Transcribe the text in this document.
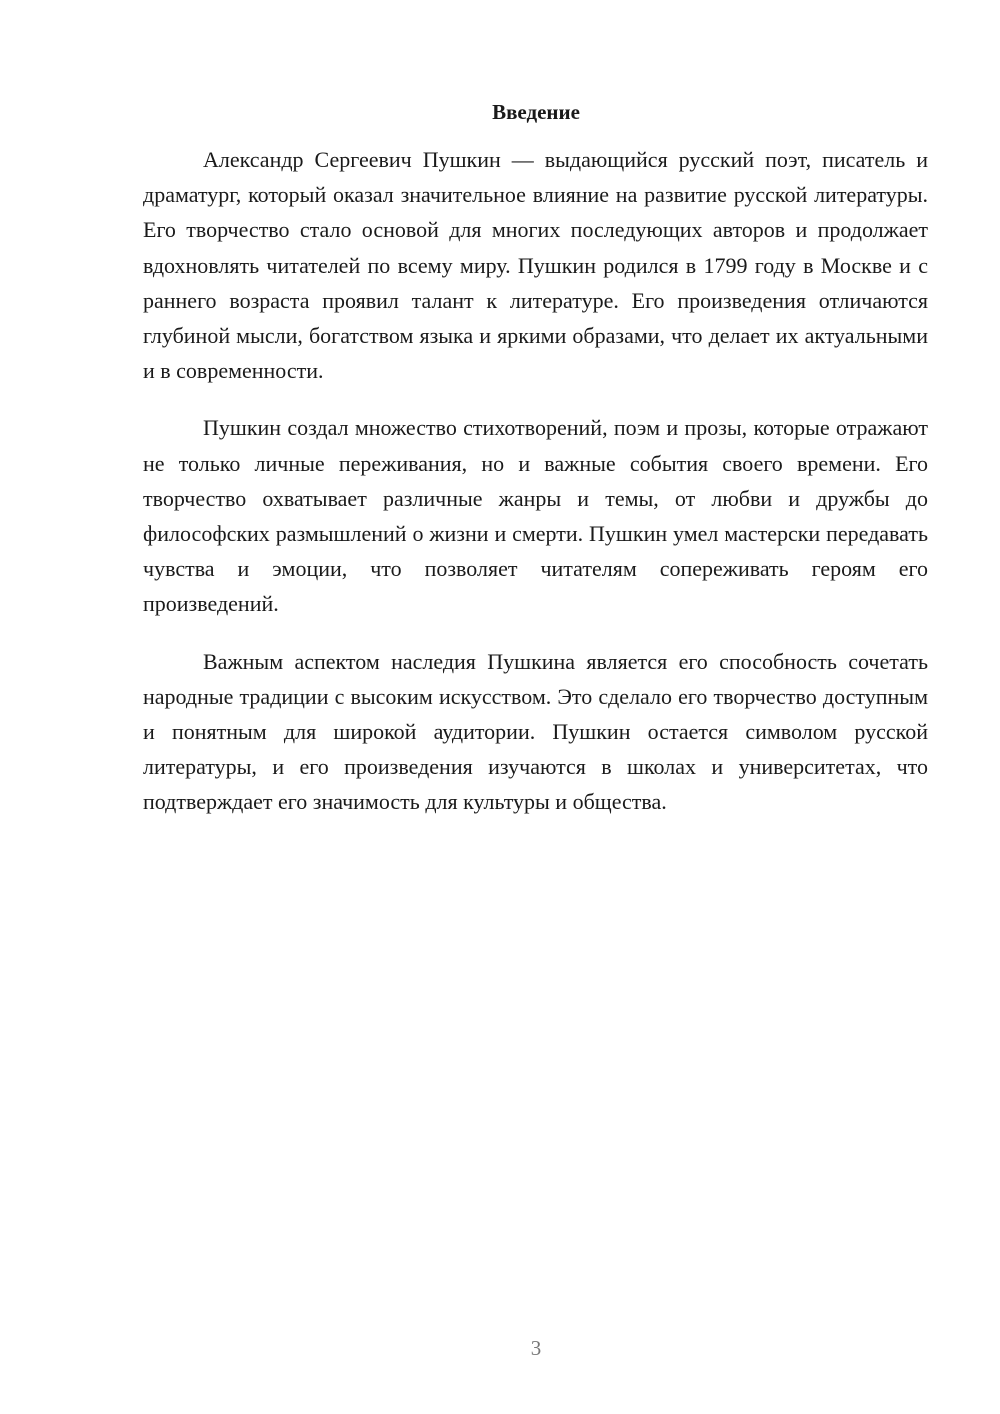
Введение

Александр Сергеевич Пушкин — выдающийся русский поэт, писатель и драматург, который оказал значительное влияние на развитие русской литературы. Его творчество стало основой для многих последующих авторов и продолжает вдохновлять читателей по всему миру. Пушкин родился в 1799 году в Москве и с раннего возраста проявил талант к литературе. Его произведения отличаются глубиной мысли, богатством языка и яркими образами, что делает их актуальными и в современности.

Пушкин создал множество стихотворений, поэм и прозы, которые отражают не только личные переживания, но и важные события своего времени. Его творчество охватывает различные жанры и темы, от любви и дружбы до философских размышлений о жизни и смерти. Пушкин умел мастерски передавать чувства и эмоции, что позволяет читателям сопереживать героям его произведений.

Важным аспектом наследия Пушкина является его способность сочетать народные традиции с высоким искусством. Это сделало его творчество доступным и понятным для широкой аудитории. Пушкин остается символом русской литературы, и его произведения изучаются в школах и университетах, что подтверждает его значимость для культуры и общества.

3
